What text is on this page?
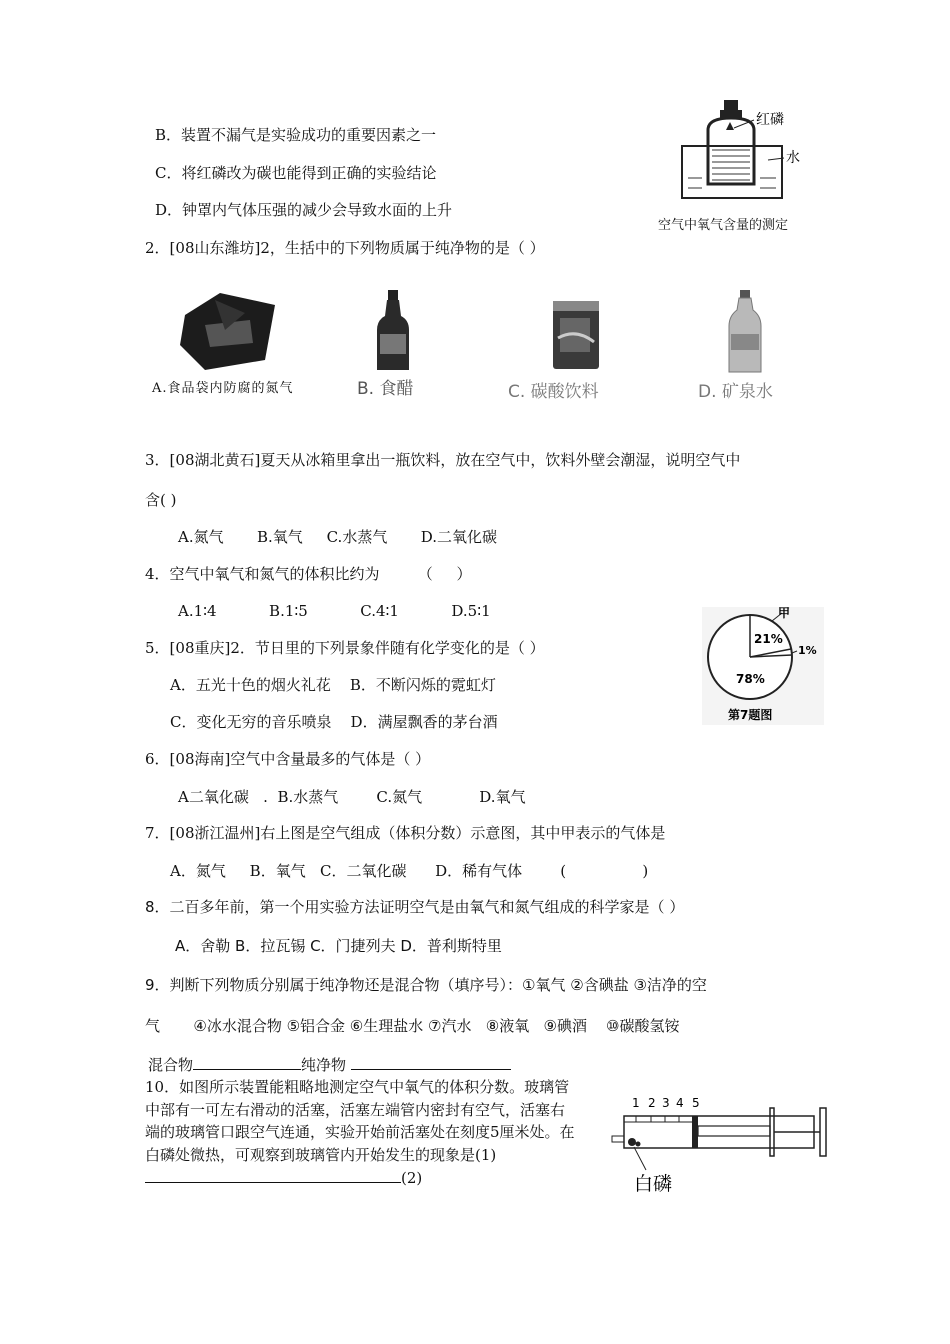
B．装置不漏气是实验成功的重要因素之一
C．将红磷改为碳也能得到正确的实验结论
D．钟罩内气体压强的减少会导致水面的上升
红磷
水
空气中氧气含量的测定
2．[08山东潍坊]2，生括中的下列物质属于纯净物的是（ ）
A.食品袋内防腐的氮气	B. 食醋	C. 碳酸饮料	D. 矿泉水
3．[08湖北黄石]夏天从冰箱里拿出一瓶饮料，放在空气中，饮料外壁会潮湿，说明空气中
含( )
A.氮气       B.氧气     C.水蒸气       D.二氧化碳
4．空气中氧气和氮气的体积比约为        （     ）
A.1∶4           B.1∶5           C.4∶1           D.5∶1
5．[08重庆]2．节日里的下列景象伴随有化学变化的是（ ）
A．五光十色的烟火礼花    B．不断闪烁的霓虹灯
C．变化无穷的音乐喷泉    D．满屋飘香的茅台酒
甲
21%
1%
78%
第7题图
6．[08海南]空气中含量最多的气体是（ ）
A二氧化碳   .  B.水蒸气        C.氮气            D.氧气
7．[08浙江温州]右上图是空气组成（体积分数）示意图，其中甲表示的气体是
A．氮气     B．氧气   C．二氧化碳      D．稀有气体        (                )
8．二百多年前，第一个用实验方法证明空气是由氧气和氮气组成的科学家是（ ）
A．舍勒 B．拉瓦锡 C．门捷列夫 D．普利斯特里
9．判断下列物质分别属于纯净物还是混合物（填序号）：①氧气 ②含碘盐 ③洁净的空
气       ④冰水混合物 ⑤铝合金 ⑥生理盐水 ⑦汽水   ⑧液氧   ⑨碘酒    ⑩碳酸氢铵
混合物	纯净物
10．如图所示装置能粗略地测定空气中氧气的体积分数。玻璃管中部有一可左右滑动的活塞，活塞左端管内密封有空气，活塞右端的玻璃管口跟空气连通，实验开始前活塞处在刻度5厘米处。在白磷处微热，可观察到玻璃管内开始发生的现象是(1)(2)
1 2 3 4 5
白磷
